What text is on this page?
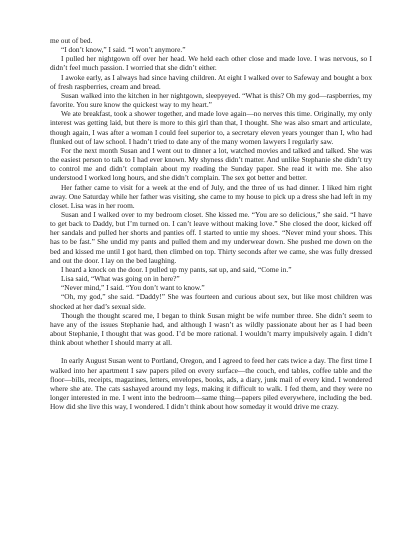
me out of bed.

“I don’t know,” I said. “I won’t anymore.”

I pulled her nightgown off over her head. We held each other close and made love. I was nervous, so I didn’t feel much passion. I worried that she didn’t either.

I awoke early, as I always had since having children. At eight I walked over to Safeway and bought a box of fresh raspberries, cream and bread.

Susan walked into the kitchen in her nightgown, sleepyeyed. “What is this? Oh my god—raspberries, my favorite. You sure know the quickest way to my heart.”

We ate breakfast, took a shower together, and made love again—no nerves this time. Originally, my only interest was getting laid, but there is more to this girl than that, I thought. She was also smart and articulate, though again, I was after a woman I could feel superior to, a secretary eleven years younger than I, who had flunked out of law school. I hadn’t tried to date any of the many women lawyers I regularly saw.

For the next month Susan and I went out to dinner a lot, watched movies and talked and talked. She was the easiest person to talk to I had ever known. My shyness didn’t matter. And unlike Stephanie she didn’t try to control me and didn’t complain about my reading the Sunday paper. She read it with me. She also understood I worked long hours, and she didn’t complain. The sex got better and better.

Her father came to visit for a week at the end of July, and the three of us had dinner. I liked him right away. One Saturday while her father was visiting, she came to my house to pick up a dress she had left in my closet. Lisa was in her room.

Susan and I walked over to my bedroom closet. She kissed me. “You are so delicious,” she said. “I have to get back to Daddy, but I’m turned on. I can’t leave without making love.” She closed the door, kicked off her sandals and pulled her shorts and panties off. I started to untie my shoes. “Never mind your shoes. This has to be fast.” She undid my pants and pulled them and my underwear down. She pushed me down on the bed and kissed me until I got hard, then climbed on top. Thirty seconds after we came, she was fully dressed and out the door. I lay on the bed laughing.

I heard a knock on the door. I pulled up my pants, sat up, and said, “Come in.”

Lisa said, “What was going on in here?”

“Never mind,” I said. “You don’t want to know.”

“Oh, my god,” she said. “Daddy!” She was fourteen and curious about sex, but like most children was shocked at her dad’s sexual side.

Though the thought scared me, I began to think Susan might be wife number three. She didn’t seem to have any of the issues Stephanie had, and although I wasn’t as wildly passionate about her as I had been about Stephanie, I thought that was good. I’d be more rational. I wouldn’t marry impulsively again. I didn’t think about whether I should marry at all.

In early August Susan went to Portland, Oregon, and I agreed to feed her cats twice a day. The first time I walked into her apartment I saw papers piled on every surface—the couch, end tables, coffee table and the floor—bills, receipts, magazines, letters, envelopes, books, ads, a diary, junk mail of every kind. I wondered where she ate. The cats sashayed around my legs, making it difficult to walk. I fed them, and they were no longer interested in me. I went into the bedroom—same thing—papers piled everywhere, including the bed. How did she live this way, I wondered. I didn’t think about how someday it would drive me crazy.
